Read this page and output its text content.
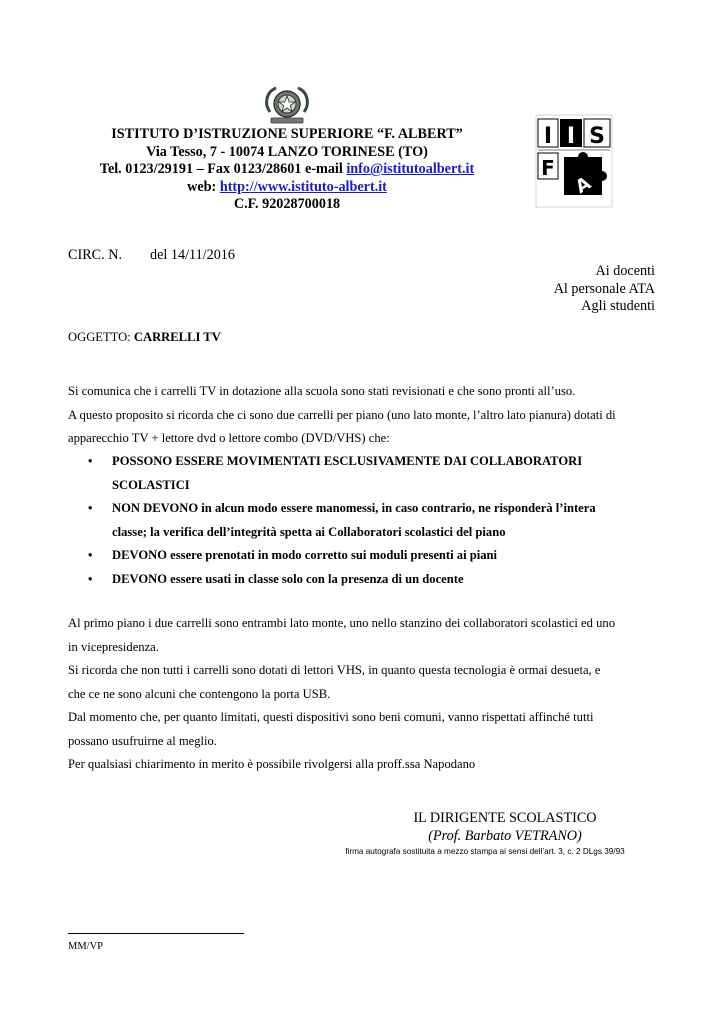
ISTITUTO D’ISTRUZIONE SUPERIORE “F. ALBERT”
Via Tesso, 7 - 10074 LANZO TORINESE (TO)
Tel. 0123/29191 – Fax 0123/28601 e-mail info@istitutoalbert.it
web: http://www.istituto-albert.it
C.F. 92028700018
I I S
F
A
CIRC. N. del 14/11/2016
Ai docenti
Al personale ATA
Agli studenti
OGGETTO: CARRELLI TV
Si comunica che i carrelli TV in dotazione alla scuola sono stati revisionati e che sono pronti all’uso.
A questo proposito si ricorda che ci sono due carrelli per piano (uno lato monte, l’altro lato pianura) dotati di
apparecchio TV + lettore dvd o lettore combo (DVD/VHS) che:
• POSSONO ESSERE MOVIMENTATI ESCLUSIVAMENTE DAI COLLABORATORI
SCOLASTICI
• NON DEVONO in alcun modo essere manomessi, in caso contrario, ne risponderà l’intera
classe; la verifica dell’integrità spetta ai Collaboratori scolastici del piano
• DEVONO essere prenotati in modo corretto sui moduli presenti ai piani
• DEVONO essere usati in classe solo con la presenza di un docente
Al primo piano i due carrelli sono entrambi lato monte, uno nello stanzino dei collaboratori scolastici ed uno
in vicepresidenza.
Si ricorda che non tutti i carrelli sono dotati di lettori VHS, in quanto questa tecnologia è ormai desueta, e
che ce ne sono alcuni che contengono la porta USB.
Dal momento che, per quanto limitati, questi dispositivi sono beni comuni, vanno rispettati affinché tutti
possano usufruirne al meglio.
Per qualsiasi chiarimento in merito è possibile rivolgersi alla proff.ssa Napodano
IL DIRIGENTE SCOLASTICO
(Prof. Barbato VETRANO)
firma autografa sostituita a mezzo stampa ai sensi dell’art. 3, c. 2 DLgs 39/93
MM/VP
